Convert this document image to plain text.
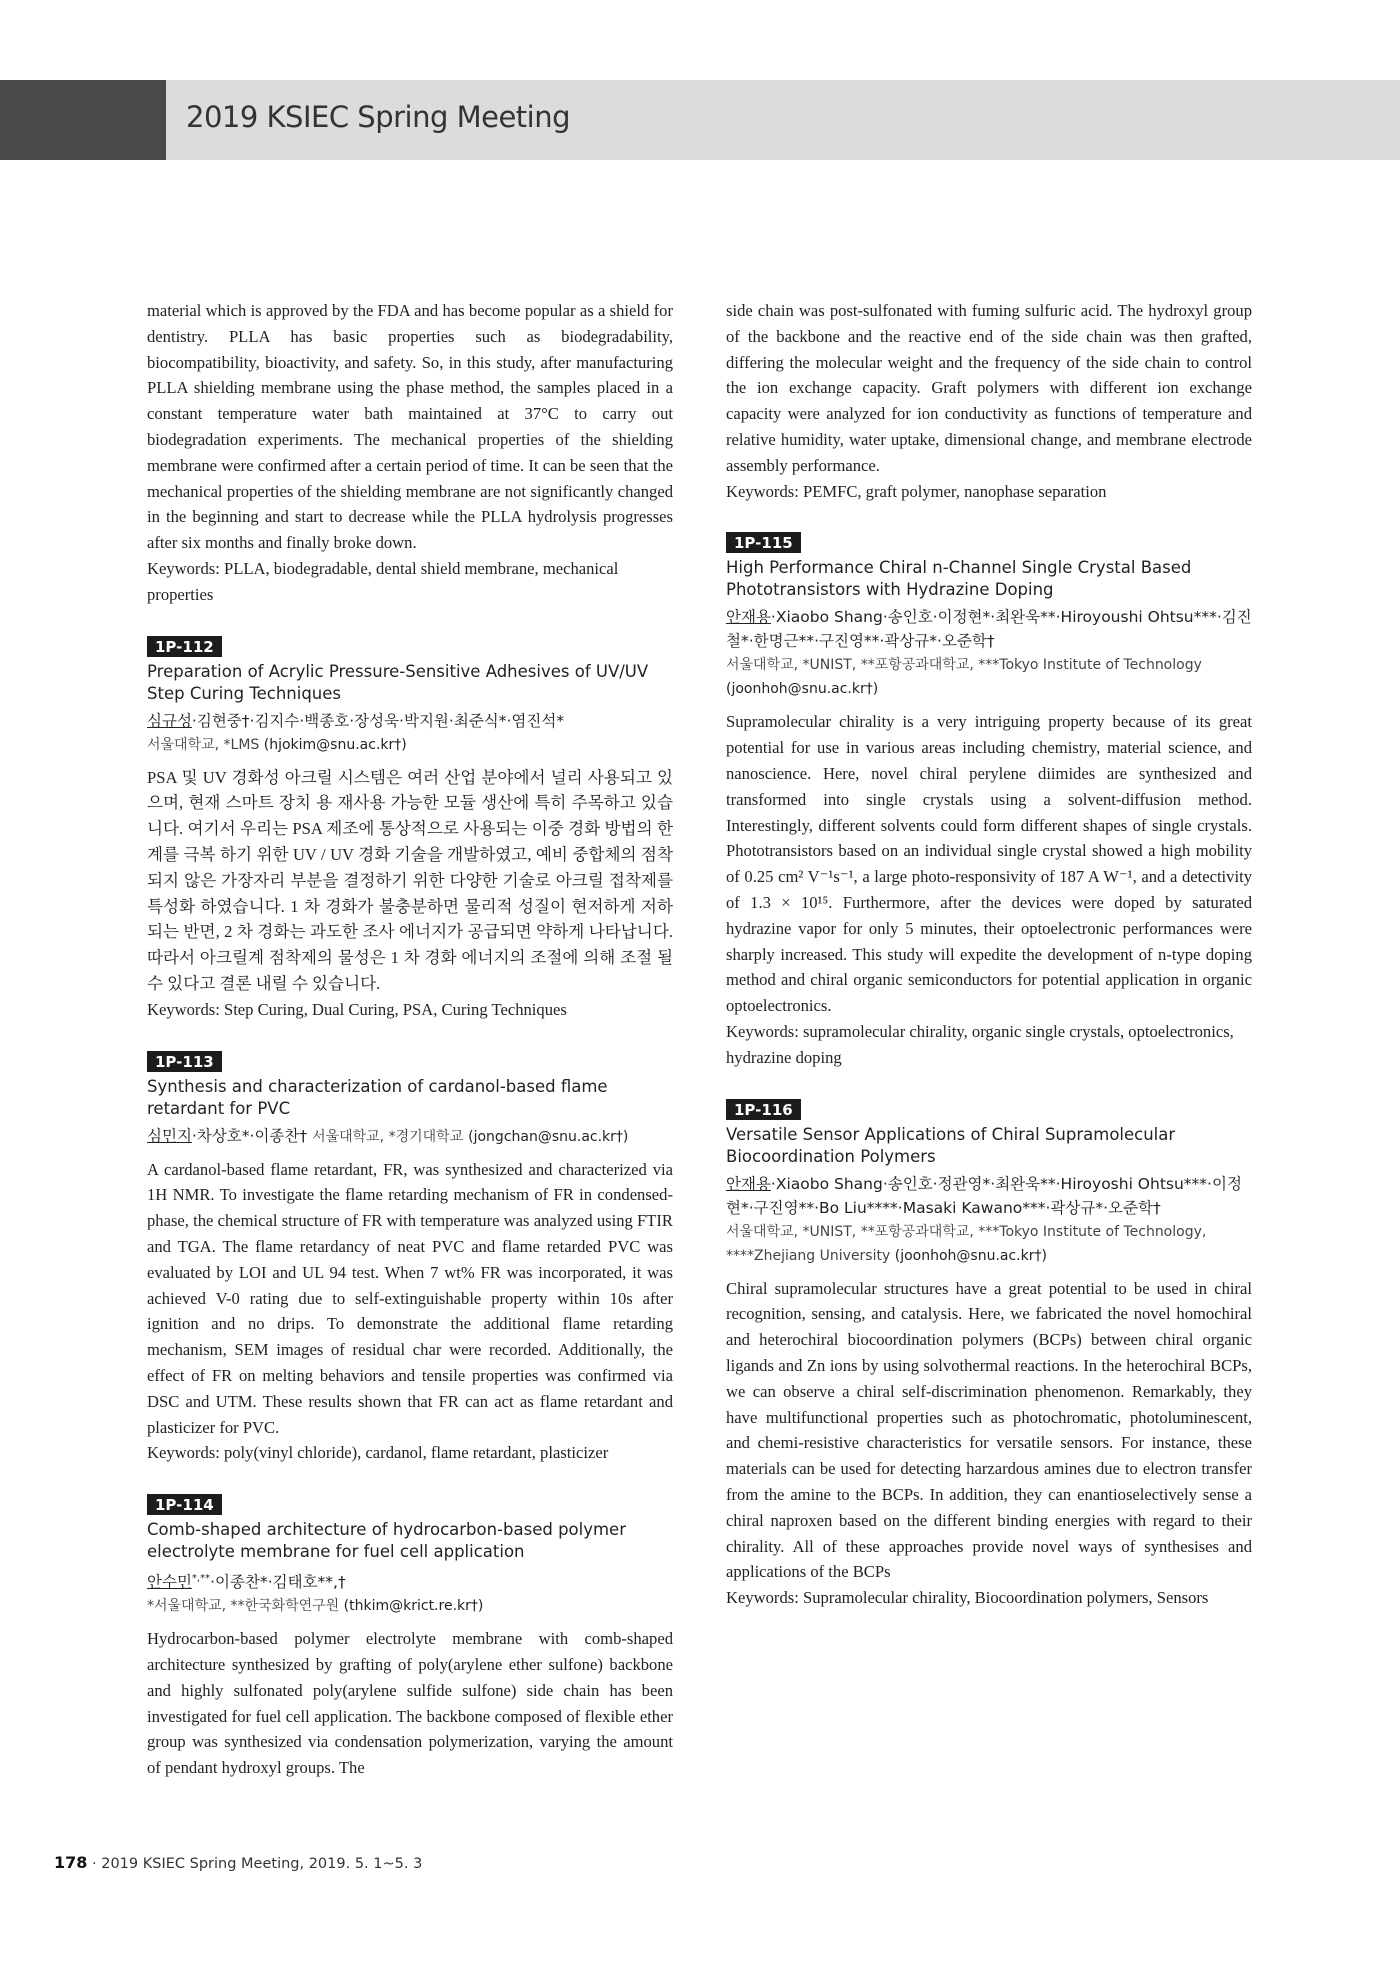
2019 KSIEC Spring Meeting

material which is approved by the FDA and has become popular as a shield for dentistry. PLLA has basic properties such as biodegradability, biocompatibility, bioactivity, and safety. So, in this study, after manufacturing PLLA shielding membrane using the phase method, the samples placed in a constant temperature water bath maintained at 37°C to carry out biodegradation experiments. The mechanical properties of the shielding membrane were confirmed after a certain period of time. It can be seen that the mechanical properties of the shielding membrane are not significantly changed in the beginning and start to decrease while the PLLA hydrolysis progresses after six months and finally broke down.

Keywords: PLLA, biodegradable, dental shield membrane, mechanical properties

1P-112
Preparation of Acrylic Pressure-Sensitive Adhesives of UV/UV Step Curing Techniques

심규성·김현중†·김지수·백종호·장성욱·박지원·최준식*·염진석*

서울대학교, *LMS (hjokim@snu.ac.kr†)

PSA 및 UV 경화성 아크릴 시스템은 여러 산업 분야에서 널리 사용되고 있으며, 현재 스마트 장치 용 재사용 가능한 모듈 생산에 특히 주목하고 있습니다. 여기서 우리는 PSA 제조에 통상적으로 사용되는 이중 경화 방법의 한계를 극복 하기 위한 UV / UV 경화 기술을 개발하였고, 예비 중합체의 점착되지 않은 가장자리 부분을 결정하기 위한 다양한 기술로 아크릴 접착제를 특성화 하였습니다. 1 차 경화가 불충분하면 물리적 성질이 현저하게 저하되는 반면, 2 차 경화는 과도한 조사 에너지가 공급되면 약하게 나타납니다. 따라서 아크릴계 점착제의 물성은 1 차 경화 에너지의 조절에 의해 조절 될 수 있다고 결론 내릴 수 있습니다.

Keywords: Step Curing, Dual Curing, PSA, Curing Techniques

1P-113
Synthesis and characterization of cardanol-based flame retardant for PVC

심민지·차상호*·이종찬† 서울대학교, *경기대학교 (jongchan@snu.ac.kr†)

A cardanol-based flame retardant, FR, was synthesized and characterized via 1H NMR. To investigate the flame retarding mechanism of FR in condensed-phase, the chemical structure of FR with temperature was analyzed using FTIR and TGA. The flame retardancy of neat PVC and flame retarded PVC was evaluated by LOI and UL 94 test. When 7 wt% FR was incorporated, it was achieved V-0 rating due to self-extinguishable property within 10s after ignition and no drips. To demonstrate the additional flame retarding mechanism, SEM images of residual char were recorded. Additionally, the effect of FR on melting behaviors and tensile properties was confirmed via DSC and UTM. These results shown that FR can act as flame retardant and plasticizer for PVC.

Keywords: poly(vinyl chloride), cardanol, flame retardant, plasticizer

1P-114
Comb-shaped architecture of hydrocarbon-based polymer electrolyte membrane for fuel cell application

안수민*,**·이종찬*·김태호**,†

*서울대학교, **한국화학연구원 (thkim@krict.re.kr†)

Hydrocarbon-based polymer electrolyte membrane with comb-shaped architecture synthesized by grafting of poly(arylene ether sulfone) backbone and highly sulfonated poly(arylene sulfide sulfone) side chain has been investigated for fuel cell application. The backbone composed of flexible ether group was synthesized via condensation polymerization, varying the amount of pendant hydroxyl groups. The

side chain was post-sulfonated with fuming sulfuric acid. The hydroxyl group of the backbone and the reactive end of the side chain was then grafted, differing the molecular weight and the frequency of the side chain to control the ion exchange capacity. Graft polymers with different ion exchange capacity were analyzed for ion conductivity as functions of temperature and relative humidity, water uptake, dimensional change, and membrane electrode assembly performance.

Keywords: PEMFC, graft polymer, nanophase separation

1P-115
High Performance Chiral n-Channel Single Crystal Based Phototransistors with Hydrazine Doping

안재용·Xiaobo Shang·송인호·이정현*·최완욱**·Hiroyoushi Ohtsu***·김진철*·한명근**·구진영**·곽상규*·오준학†

서울대학교, *UNIST, **포항공과대학교, ***Tokyo Institute of Technology
(joonhoh@snu.ac.kr†)

Supramolecular chirality is a very intriguing property because of its great potential for use in various areas including chemistry, material science, and nanoscience. Here, novel chiral perylene diimides are synthesized and transformed into single crystals using a solvent-diffusion method. Interestingly, different solvents could form different shapes of single crystals. Phototransistors based on an individual single crystal showed a high mobility of 0.25 cm² V⁻¹s⁻¹, a large photo-responsivity of 187 A W⁻¹, and a detectivity of 1.3 × 10¹⁵. Furthermore, after the devices were doped by saturated hydrazine vapor for only 5 minutes, their optoelectronic performances were sharply increased. This study will expedite the development of n-type doping method and chiral organic semiconductors for potential application in organic optoelectronics.

Keywords: supramolecular chirality, organic single crystals, optoelectronics, hydrazine doping

1P-116
Versatile Sensor Applications of Chiral Supramolecular Biocoordination Polymers

안재용·Xiaobo Shang·송인호·정관영*·최완욱**·Hiroyoshi Ohtsu***·이정현*·구진영**·Bo Liu****·Masaki Kawano***·곽상규*·오준학†

서울대학교, *UNIST, **포항공과대학교, ***Tokyo Institute of Technology, ****Zhejiang University (joonhoh@snu.ac.kr†)

Chiral supramolecular structures have a great potential to be used in chiral recognition, sensing, and catalysis. Here, we fabricated the novel homochiral and heterochiral biocoordination polymers (BCPs) between chiral organic ligands and Zn ions by using solvothermal reactions. In the heterochiral BCPs, we can observe a chiral self-discrimination phenomenon. Remarkably, they have multifunctional properties such as photochromatic, photoluminescent, and chemi-resistive characteristics for versatile sensors. For instance, these materials can be used for detecting harzardous amines due to electron transfer from the amine to the BCPs. In addition, they can enantioselectively sense a chiral naproxen based on the different binding energies with regard to their chirality. All of these approaches provide novel ways of synthesises and applications of the BCPs

Keywords: Supramolecular chirality, Biocoordination polymers, Sensors

178 · 2019 KSIEC Spring Meeting, 2019. 5. 1~5. 3
